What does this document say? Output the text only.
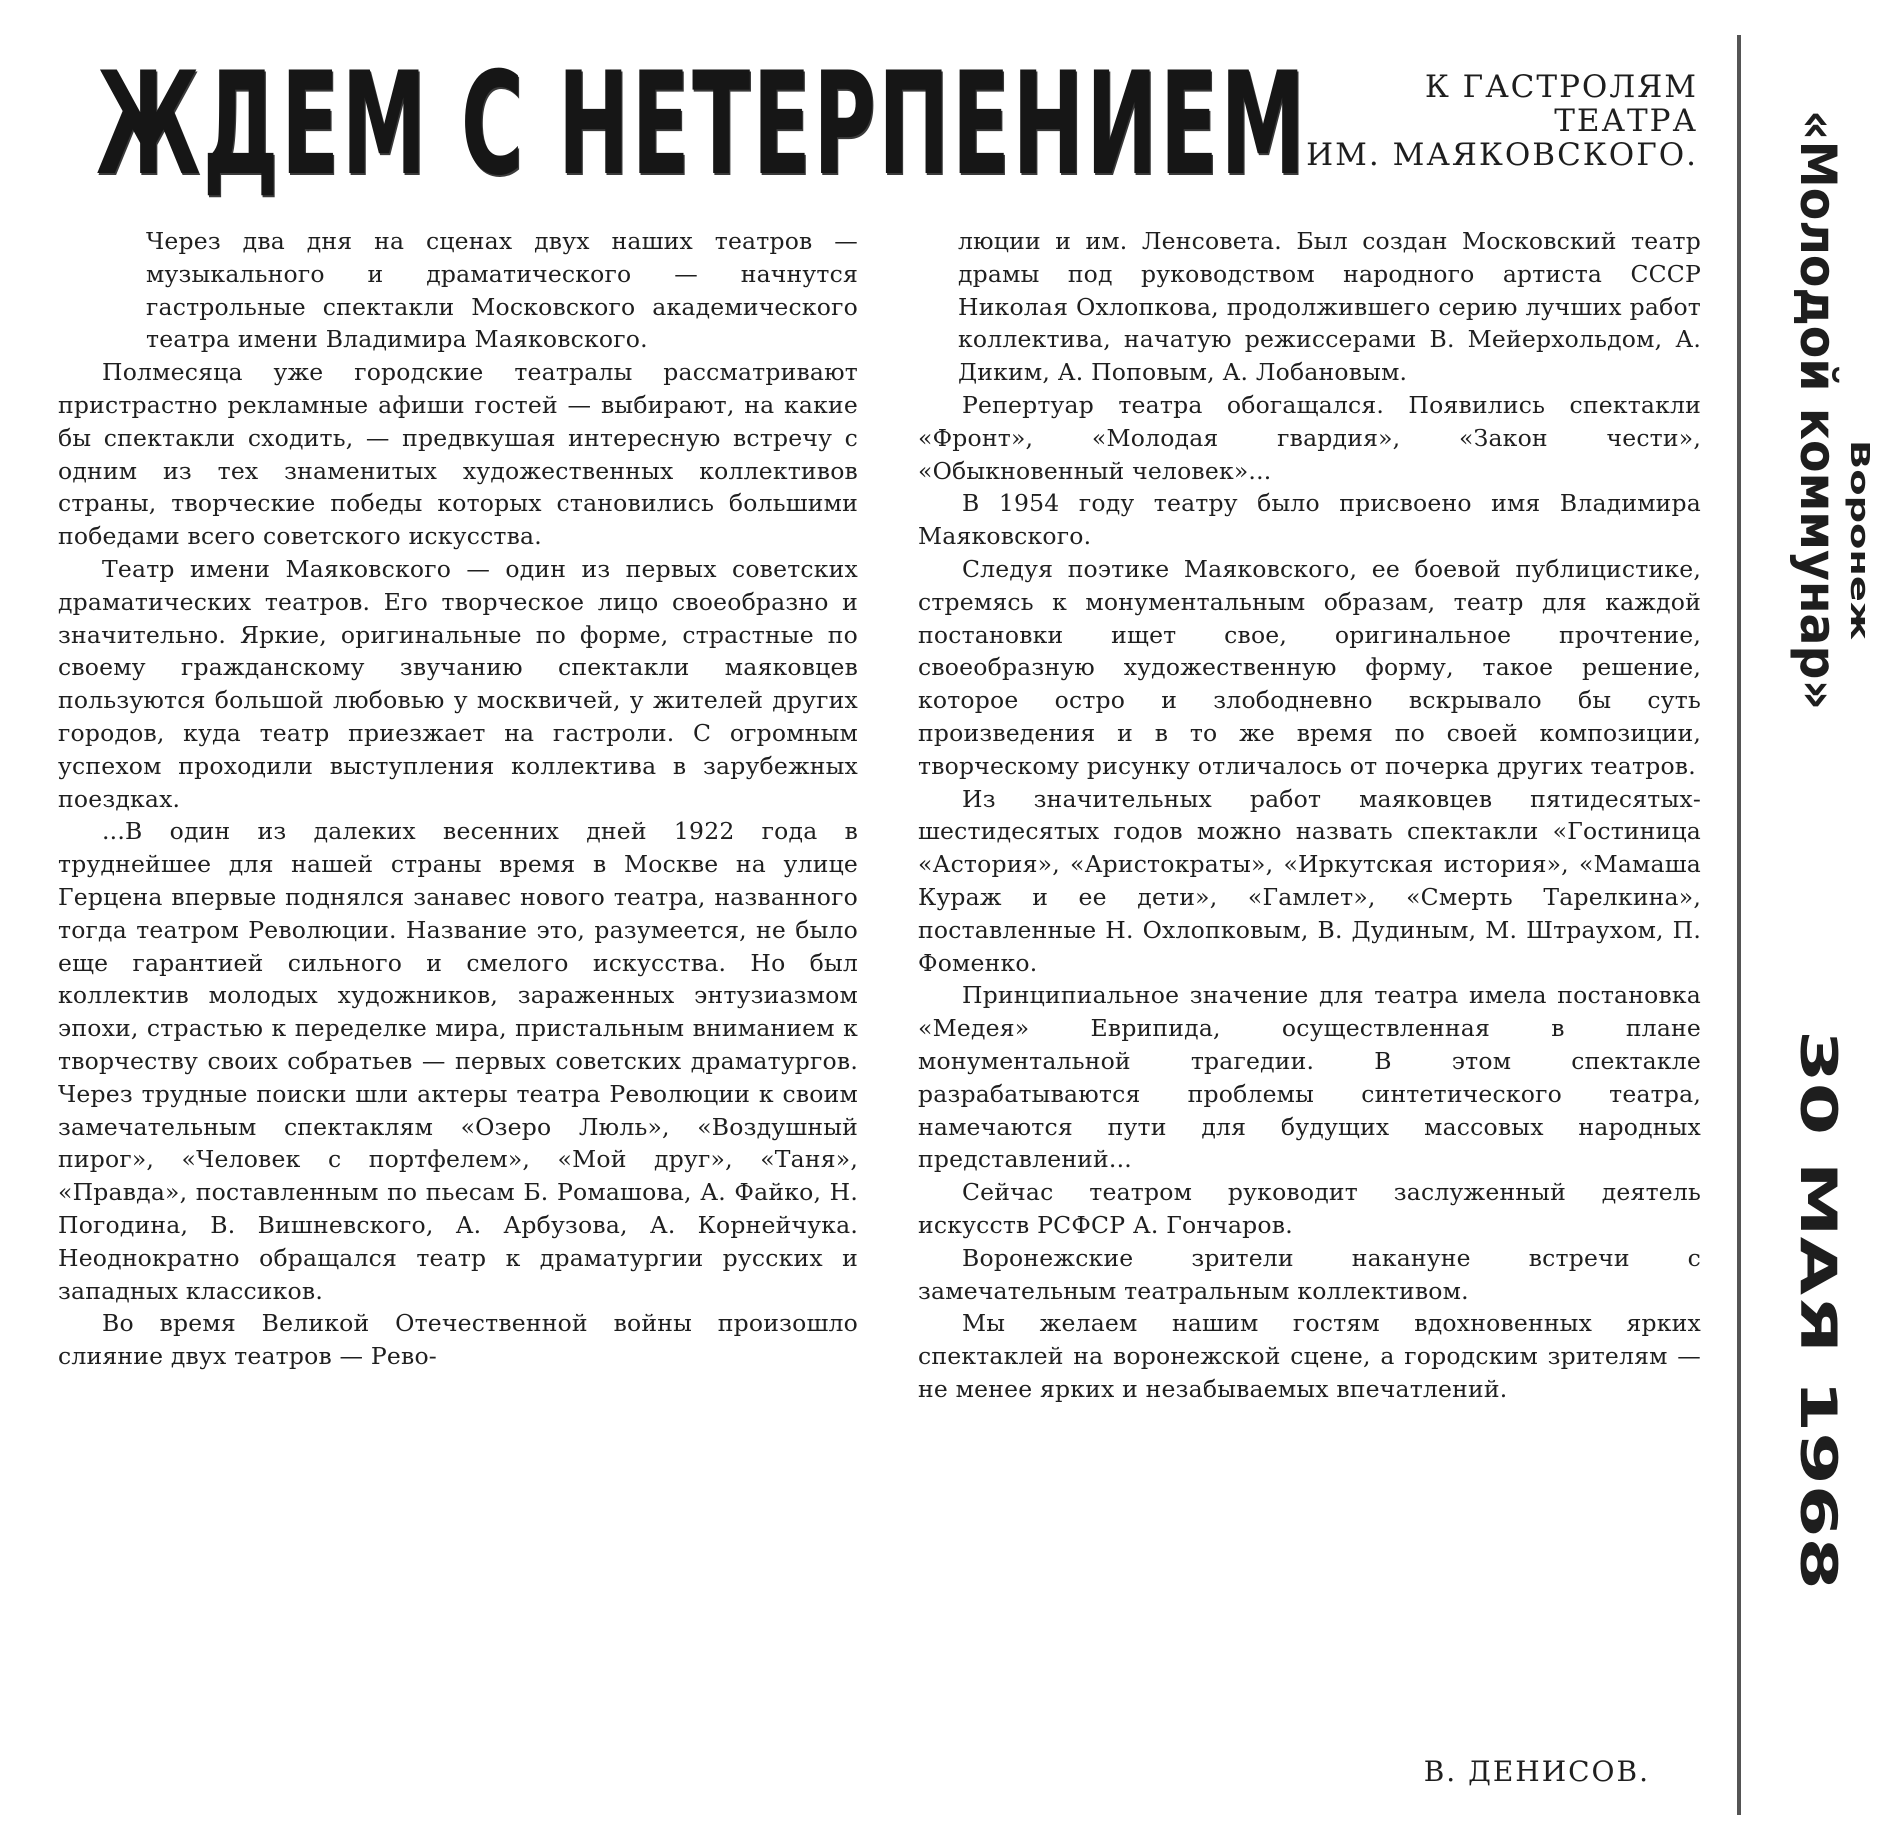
ЖДЕМ С НЕТЕРПЕНИЕМ	К ГАСТРОЛЯМ
ТЕАТРА
ИМ. МАЯКОВСКОГО.

Через два дня на сценах двух наших театров — музыкального и драматического — начнутся гастрольные спектакли Московского академического театра имени Владимира Маяковского.

Полмесяца уже городские театралы рассматривают пристрастно рекламные афиши гостей — выбирают, на какие бы спектакли сходить, — предвкушая интересную встречу с одним из тех знаменитых художественных коллективов страны, творческие победы которых становились большими победами всего советского искусства.

Театр имени Маяковского — один из первых советских драматических театров. Его творческое лицо своеобразно и значительно. Яркие, оригинальные по форме, страстные по своему гражданскому звучанию спектакли маяковцев пользуются большой любовью у москвичей, у жителей других городов, куда театр приезжает на гастроли. С огромным успехом проходили выступления коллектива в зарубежных поездках.

...В один из далеких весенних дней 1922 года в труднейшее для нашей страны время в Москве на улице Герцена впервые поднялся занавес нового театра, названного тогда театром Революции. Название это, разумеется, не было еще гарантией сильного и смелого искусства. Но был коллектив молодых художников, зараженных энтузиазмом эпохи, страстью к переделке мира, пристальным вниманием к творчеству своих собратьев — первых советских драматургов. Через трудные поиски шли актеры театра Революции к своим замечательным спектаклям «Озеро Люль», «Воздушный пирог», «Человек с портфелем», «Мой друг», «Таня», «Правда», поставленным по пьесам Б. Ромашова, А. Файко, Н. Погодина, В. Вишневского, А. Арбузова, А. Корнейчука. Неоднократно обращался театр к драматургии русских и западных классиков.

Во время Великой Отечественной войны произошло слияние двух театров — Рево-

люции и им. Ленсовета. Был создан Московский театр драмы под руководством народного артиста СССР Николая Охлопкова, продолжившего серию лучших работ коллектива, начатую режиссерами В. Мейерхольдом, А. Диким, А. Поповым, А. Лобановым.

Репертуар театра обогащался. Появились спектакли «Фронт», «Молодая гвардия», «Закон чести», «Обыкновенный человек»...

В 1954 году театру было присвоено имя Владимира Маяковского.

Следуя поэтике Маяковского, ее боевой публицистике, стремясь к монументальным образам, театр для каждой постановки ищет свое, оригинальное прочтение, своеобразную художественную форму, такое решение, которое остро и злободневно вскрывало бы суть произведения и в то же время по своей композиции, творческому рисунку отличалось от почерка других театров.

Из значительных работ маяковцев пятидесятых-шестидесятых годов можно назвать спектакли «Гостиница «Астория», «Аристократы», «Иркутская история», «Мамаша Кураж и ее дети», «Гамлет», «Смерть Тарелкина», поставленные Н. Охлопковым, В. Дудиным, М. Штраухом, П. Фоменко.

Принципиальное значение для театра имела постановка «Медея» Еврипида, осуществленная в плане монументальной трагедии. В этом спектакле разрабатываются проблемы синтетического театра, намечаются пути для будущих массовых народных представлений...

Сейчас театром руководит заслуженный деятель искусств РСФСР А. Гончаров.

Воронежские зрители накануне встречи с замечательным театральным коллективом.

Мы желаем нашим гостям вдохновенных ярких спектаклей на воронежской сцене, а городским зрителям — не менее ярких и незабываемых впечатлений.

В. ДЕНИСОВ.
«Молодой коммунар»
Воронеж
30 МАЯ 1968
